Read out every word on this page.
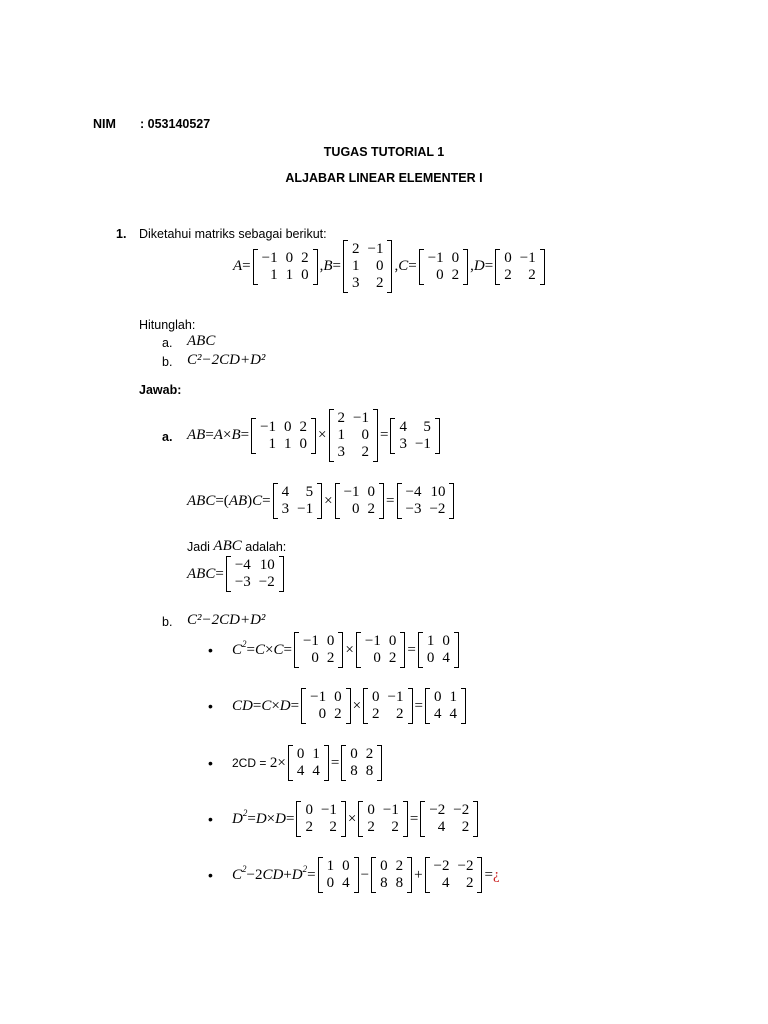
NIM : 053140527
TUGAS TUTORIAL 1
ALJABAR LINEAR ELEMENTER I
1. Diketahui matriks sebagai berikut:
A =
−1	0	2
1	1	0
, B =
2	−1
1	0
3	2
, C =
−1	0
0	2
, D =
0	−1
2	2
Hitunglah:
a. ABC
b. C²−2CD+D²
Jawab:
a. AB = A × B =
−1	0	2
1	1	0
×
2	−1
1	0
3	2
=
4	5
3	−1
ABC =( AB ) C =
4	5
3	−1
×
−1	0
0	2
=
−4	10
−3	−2
Jadi
ABC
adalah:
ABC =
−4	10
−3	−2
b. C²−2CD+D²
• $C^2 = C \times C$ =
−1	0
0	2
×
−1	0
0	2
=
1	0
0	4
• CD = C × D =
−1	0
0	2
×
0	−1
2	2
=
0	1
4	4
• 2CD =
2 ×
0	1
4	4
=
0	2
8	8
• $D^2 = D \times D$ =
0	−1
2	2
×
0	−1
2	2
=
−2	−2
4	2
• $C^2 -2$ CD + $D^2$ =
1	0
0	4
−
0	2
8	8
+
−2	−2
4	2
= ¿
